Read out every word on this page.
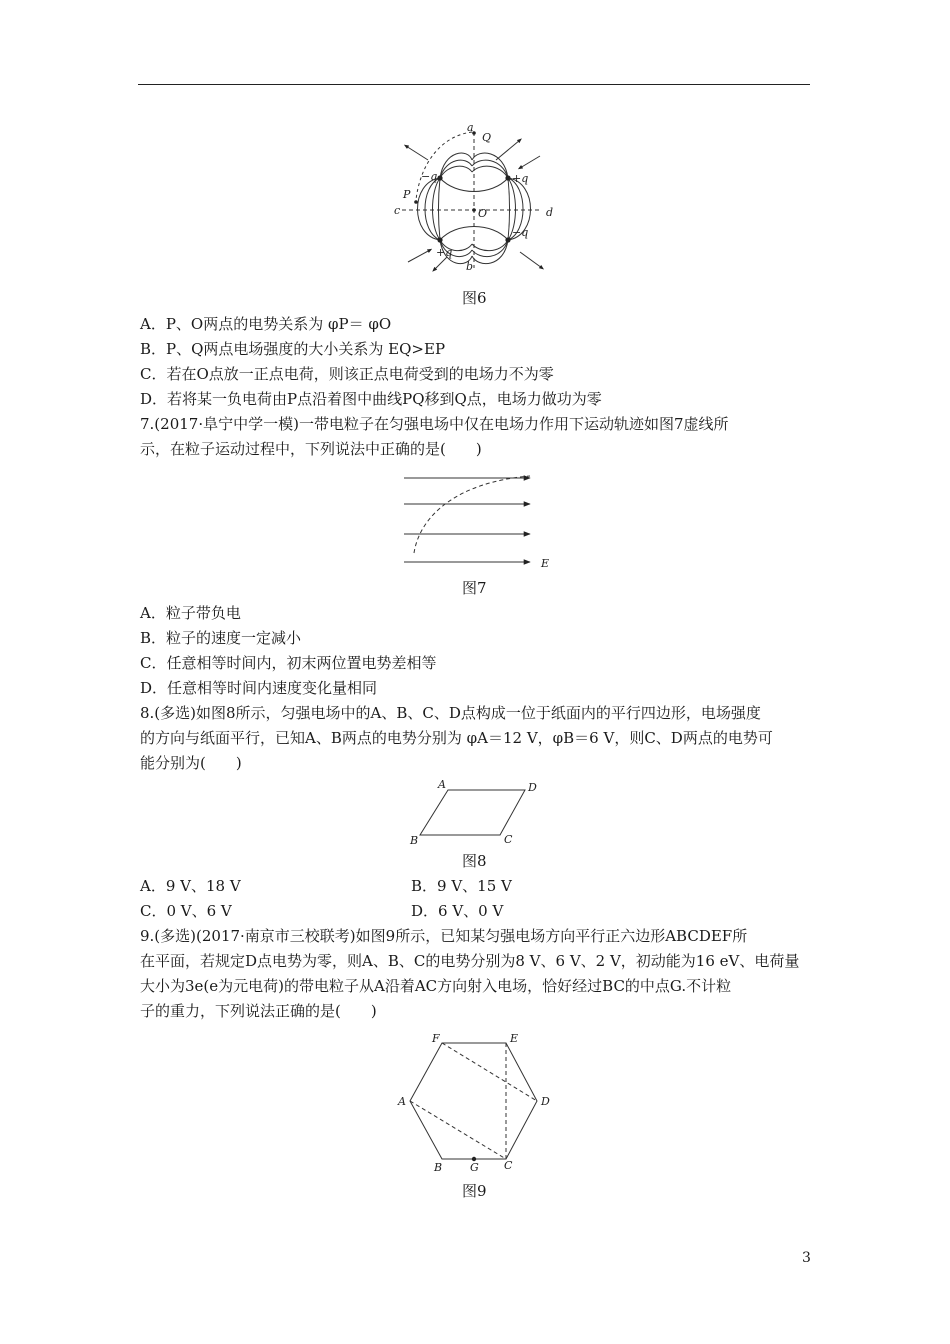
a
Q
−q	+q
P
O
c	d
+q
−q
b
图6
A．P、O两点的电势关系为 φP＝ φO
B．P、Q两点电场强度的大小关系为 EQ>EP
C．若在O点放一正点电荷，则该正点电荷受到的电场力不为零
D．若将某一负电荷由P点沿着图中曲线PQ移到Q点，电场力做功为零
7.(2017·阜宁中学一模)一带电粒子在匀强电场中仅在电场力作用下运动轨迹如图7虚线所
示，在粒子运动过程中，下列说法中正确的是(　　)
E
图7
A．粒子带负电
B．粒子的速度一定减小
C．任意相等时间内，初末两位置电势差相等
D．任意相等时间内速度变化量相同
8.(多选)如图8所示，匀强电场中的A、B、C、D点构成一位于纸面内的平行四边形，电场强度
的方向与纸面平行，已知A、B两点的电势分别为 φA＝12 V，φB＝6 V，则C、D两点的电势可
能分别为(　　)
A	D
B	C
图8
A．9 V、18 V	B．9 V、15 V
C．0 V、6 V	D．6 V、0 V
9.(多选)(2017·南京市三校联考)如图9所示，已知某匀强电场方向平行正六边形ABCDEF所
在平面，若规定D点电势为零，则A、B、C的电势分别为8 V、6 V、2 V，初动能为16 eV、电荷量
大小为3e(e为元电荷)的带电粒子从A沿着AC方向射入电场，恰好经过BC的中点G.不计粒
子的重力，下列说法正确的是(　　)
F	E
A	D
B	G C
图9
3
